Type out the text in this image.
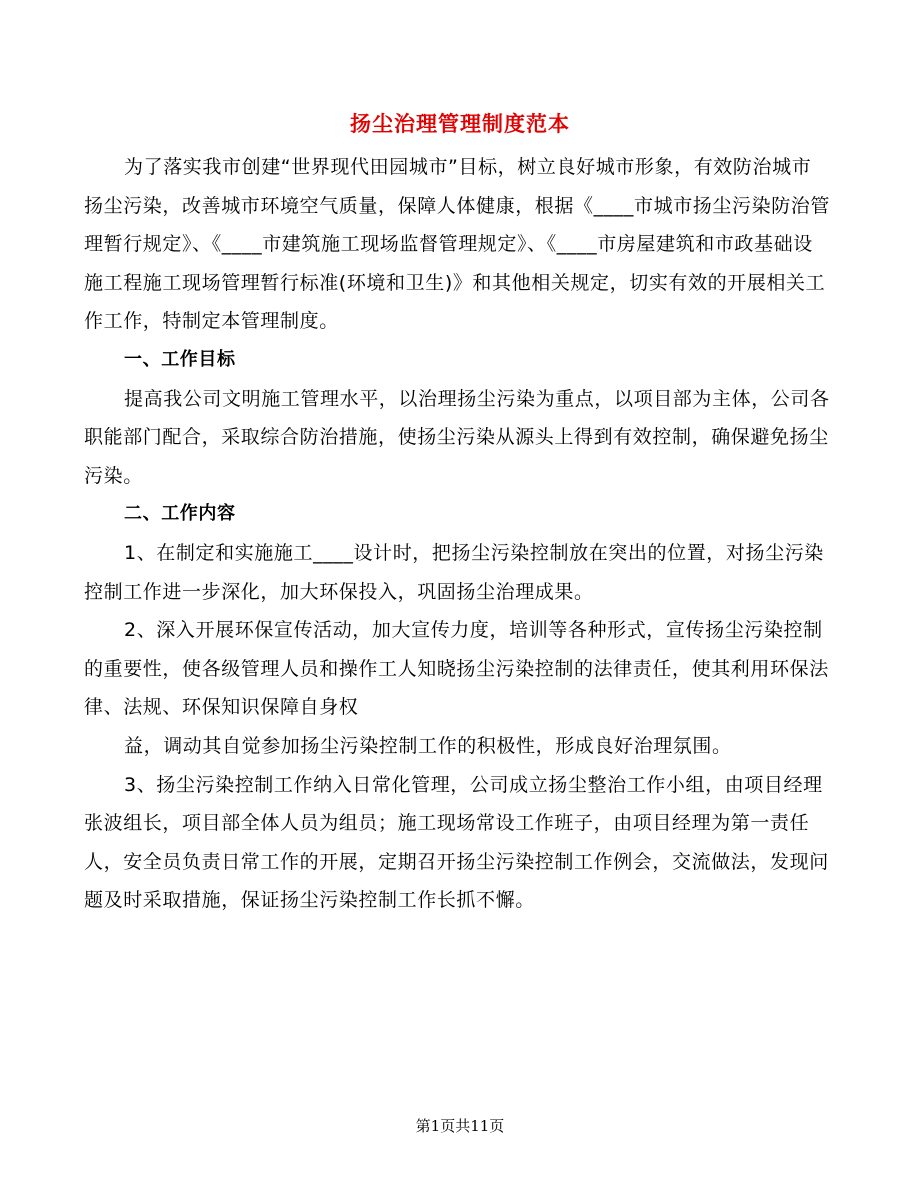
扬尘治理管理制度范本

为了落实我市创建“世界现代田园城市”目标，树立良好城市形象，有效防治城市扬尘污染，改善城市环境空气质量，保障人体健康，根据《____市城市扬尘污染防治管理暂行规定》、《____市建筑施工现场监督管理规定》、《____市房屋建筑和市政基础设施工程施工现场管理暂行标准(环境和卫生)》和其他相关规定，切实有效的开展相关工作工作，特制定本管理制度。

一、工作目标

提高我公司文明施工管理水平，以治理扬尘污染为重点，以项目部为主体，公司各职能部门配合，采取综合防治措施，使扬尘污染从源头上得到有效控制，确保避免扬尘污染。

二、工作内容

1、在制定和实施施工____设计时，把扬尘污染控制放在突出的位置，对扬尘污染控制工作进一步深化，加大环保投入，巩固扬尘治理成果。

2、深入开展环保宣传活动，加大宣传力度，培训等各种形式，宣传扬尘污染控制的重要性，使各级管理人员和操作工人知晓扬尘污染控制的法律责任，使其利用环保法律、法规、环保知识保障自身权

益，调动其自觉参加扬尘污染控制工作的积极性，形成良好治理氛围。

3、扬尘污染控制工作纳入日常化管理，公司成立扬尘整治工作小组，由项目经理张波组长，项目部全体人员为组员；施工现场常设工作班子，由项目经理为第一责任人，安全员负责日常工作的开展，定期召开扬尘污染控制工作例会，交流做法，发现问题及时采取措施，保证扬尘污染控制工作长抓不懈。

第1页共11页
